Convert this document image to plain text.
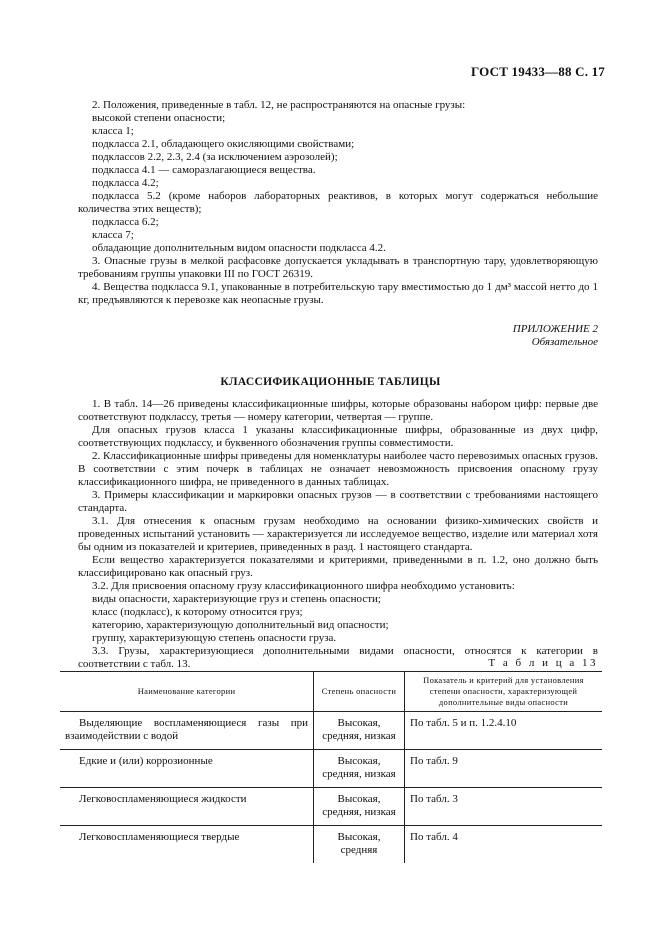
ГОСТ 19433—88 С. 17

2. Положения, приведенные в табл. 12, не распространяются на опасные грузы:

высокой степени опасности;

класса 1;

подкласса 2.1, обладающего окисляющими свойствами;

подклассов 2.2, 2.3, 2.4 (за исключением аэрозолей);

подкласса 4.1 — саморазлагающиеся вещества.

подкласса 4.2;

подкласса 5.2 (кроме наборов лабораторных реактивов, в которых могут содержаться небольшие количества этих веществ);

подкласса 6.2;

класса 7;

обладающие дополнительным видом опасности подкласса 4.2.

3. Опасные грузы в мелкой расфасовке допускается укладывать в транспортную тару, удовлетворяющую требованиям группы упаковки III по ГОСТ 26319.

4. Вещества подкласса 9.1, упакованные в потребительскую тару вместимостью до 1 дм³ массой нетто до 1 кг, предъявляются к перевозке как неопасные грузы.

ПРИЛОЖЕНИЕ 2
Обязательное
КЛАССИФИКАЦИОННЫЕ ТАБЛИЦЫ

1. В табл. 14—26 приведены классификационные шифры, которые образованы набором цифр: первые две соответствуют подклассу, третья — номеру категории, четвертая — группе.

Для опасных грузов класса 1 указаны классификационные шифры, образованные из двух цифр, соответствующих подклассу, и буквенного обозначения группы совместимости.

2. Классификационные шифры приведены для номенклатуры наиболее часто перевозимых опасных грузов. В соответствии с этим почерк в таблицах не означает невозможность присвоения опасному грузу классификационного шифра, не приведенного в данных таблицах.

3. Примеры классификации и маркировки опасных грузов — в соответствии с требованиями настоящего стандарта.

3.1. Для отнесения к опасным грузам необходимо на основании физико-химических свойств и проведенных испытаний установить — характеризуется ли исследуемое вещество, изделие или материал хотя бы одним из показателей и критериев, приведенных в разд. 1 настоящего стандарта.

Если вещество характеризуется показателями и критериями, приведенными в п. 1.2, оно должно быть классифицировано как опасный груз.

3.2. Для присвоения опасному грузу классификационного шифра необходимо установить:

виды опасности, характеризующие груз и степень опасности;

класс (подкласс), к которому относится груз;

категорию, характеризующую дополнительный вид опасности;

группу, характеризующую степень опасности груза.

3.3. Грузы, характеризующиеся дополнительными видами опасности, относятся к категории в соответствии с табл. 13.	Т а б л и ц а 13
Наименование категории	Степень опасности	Показатель и критерий для установления степени опасности, характеризующей дополнительные виды опасности

Выделяющие воспламеняющиеся газы при взаимодействии с водой	Высокая, средняя, низкая	По табл. 5 и п. 1.2.4.10

Едкие и (или) коррозионные	Высокая, средняя, низкая	По табл. 9

Легковоспламеняющиеся жидкости	Высокая, средняя, низкая	По табл. 3

Легковоспламеняющиеся твердые	Высокая, средняя	По табл. 4
